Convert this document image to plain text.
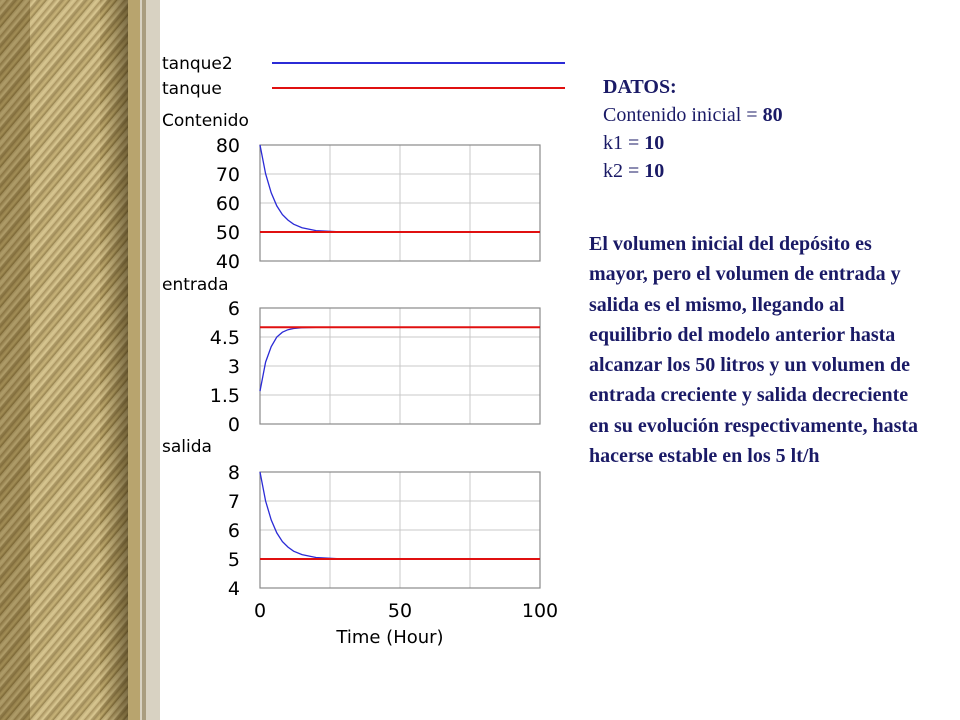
tanque2
tanque
Contenido
80
70
60
50
40
entrada
6
4.5
3
1.5
0
salida
8
7
6
5
4
0	50	100
Time (Hour)
DATOS:
Contenido inicial = 80
k1 = 10
k2 = 10

El volumen inicial del depósito es mayor, pero el volumen de entrada y salida es el mismo, llegando al equilibrio del modelo anterior hasta alcanzar los 50 litros y un volumen de entrada creciente y salida decreciente en su evolución respectivamente, hasta hacerse estable en los 5 lt/h
